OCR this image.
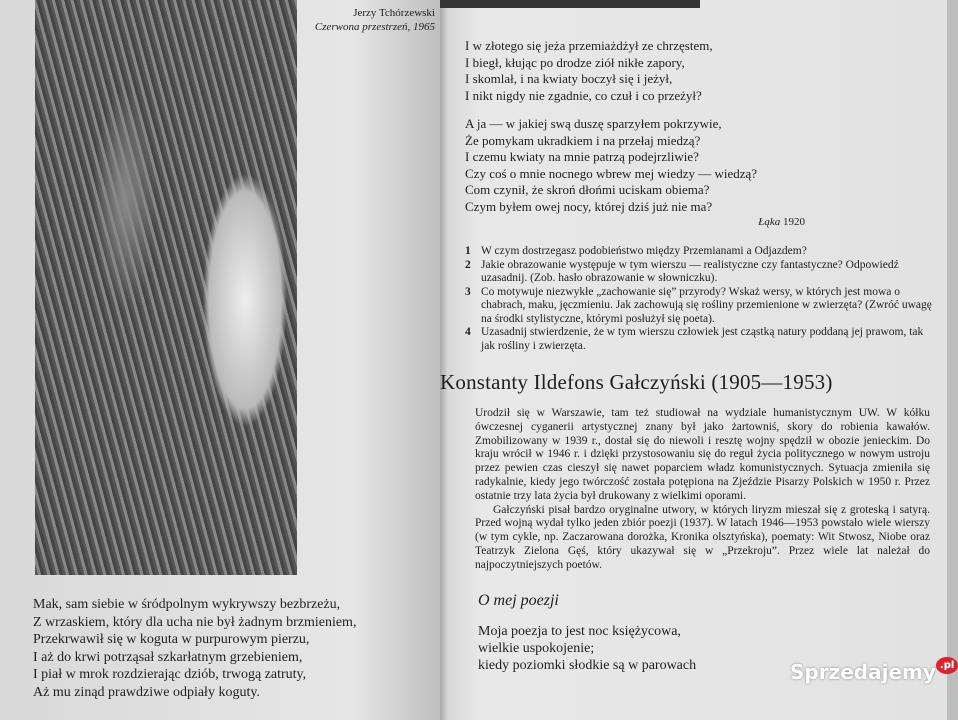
Jerzy Tchórzewski
Czerwona przestrzeń, 1965
Mak, sam siebie w śródpolnym wykrywszy bezbrzeżu,
Z wrzaskiem, który dla ucha nie był żadnym brzmieniem,
Przekrwawił się w koguta w purpurowym pierzu,
I aż do krwi potrząsał szkarłatnym grzebieniem,
I piał w mrok rozdzierając dziób, trwogą zatruty,
Aż mu zinąd prawdziwe odpiały koguty.
I w złotego się jeża przemiażdżył ze chrzęstem,
I biegł, kłując po drodze ziół nikłe zapory,
I skomlał, i na kwiaty boczył się i jeżył,
I nikt nigdy nie zgadnie, co czuł i co przeżył?
A ja — w jakiej swą duszę sparzyłem pokrzywie,
Że pomykam ukradkiem i na przełaj miedzą?
I czemu kwiaty na mnie patrzą podejrzliwie?
Czy coś o mnie nocnego wbrew mej wiedzy — wiedzą?
Com czynił, że skroń dłońmi uciskam obiema?
Czym byłem owej nocy, której dziś już nie ma?
Łąka 1920
1 W czym dostrzegasz podobieństwo między Przemianami a Odjazdem?
2 Jakie obrazowanie występuje w tym wierszu — realistyczne czy fantastyczne? Odpowiedź uzasadnij. (Zob. hasło obrazowanie w słowniczku).
3 Co motywuje niezwykłe „zachowanie się” przyrody? Wskaż wersy, w których jest mowa o chabrach, maku, jęczmieniu. Jak zachowują się rośliny przemienione w zwierzęta? (Zwróć uwagę na środki stylistyczne, którymi posłużył się poeta).
4 Uzasadnij stwierdzenie, że w tym wierszu człowiek jest cząstką natury poddaną jej prawom, tak jak rośliny i zwierzęta.
Konstanty Ildefons Gałczyński (1905—1953)

Urodził się w Warszawie, tam też studiował na wydziale humanistycznym UW. W kółku ówczesnej cyganerii artystycznej znany był jako żartowniś, skory do robienia kawałów. Zmobilizowany w 1939 r., dostał się do niewoli i resztę wojny spędził w obozie jenieckim. Do kraju wrócił w 1946 r. i dzięki przystosowaniu się do reguł życia politycznego w nowym ustroju przez pewien czas cieszył się nawet poparciem władz komunistycznych. Sytuacja zmieniła się radykalnie, kiedy jego twórczość została potępiona na Zjeździe Pisarzy Polskich w 1950 r. Przez ostatnie trzy lata życia był drukowany z wielkimi oporami.

Gałczyński pisał bardzo oryginalne utwory, w których liryzm mieszał się z groteską i satyrą. Przed wojną wydał tylko jeden zbiór poezji (1937). W latach 1946—1953 powstało wiele wierszy (w tym cykle, np. Zaczarowana dorożka, Kronika olsztyńska), poematy: Wit Stwosz, Niobe oraz Teatrzyk Zielona Gęś, który ukazywał się w „Przekroju”. Przez wiele lat należał do najpoczytniejszych poetów.

O mej poezji
Moja poezja to jest noc księżycowa,
wielkie uspokojenie;
kiedy poziomki słodkie są w parowach	Sprzedajemy $^{.pl}$
